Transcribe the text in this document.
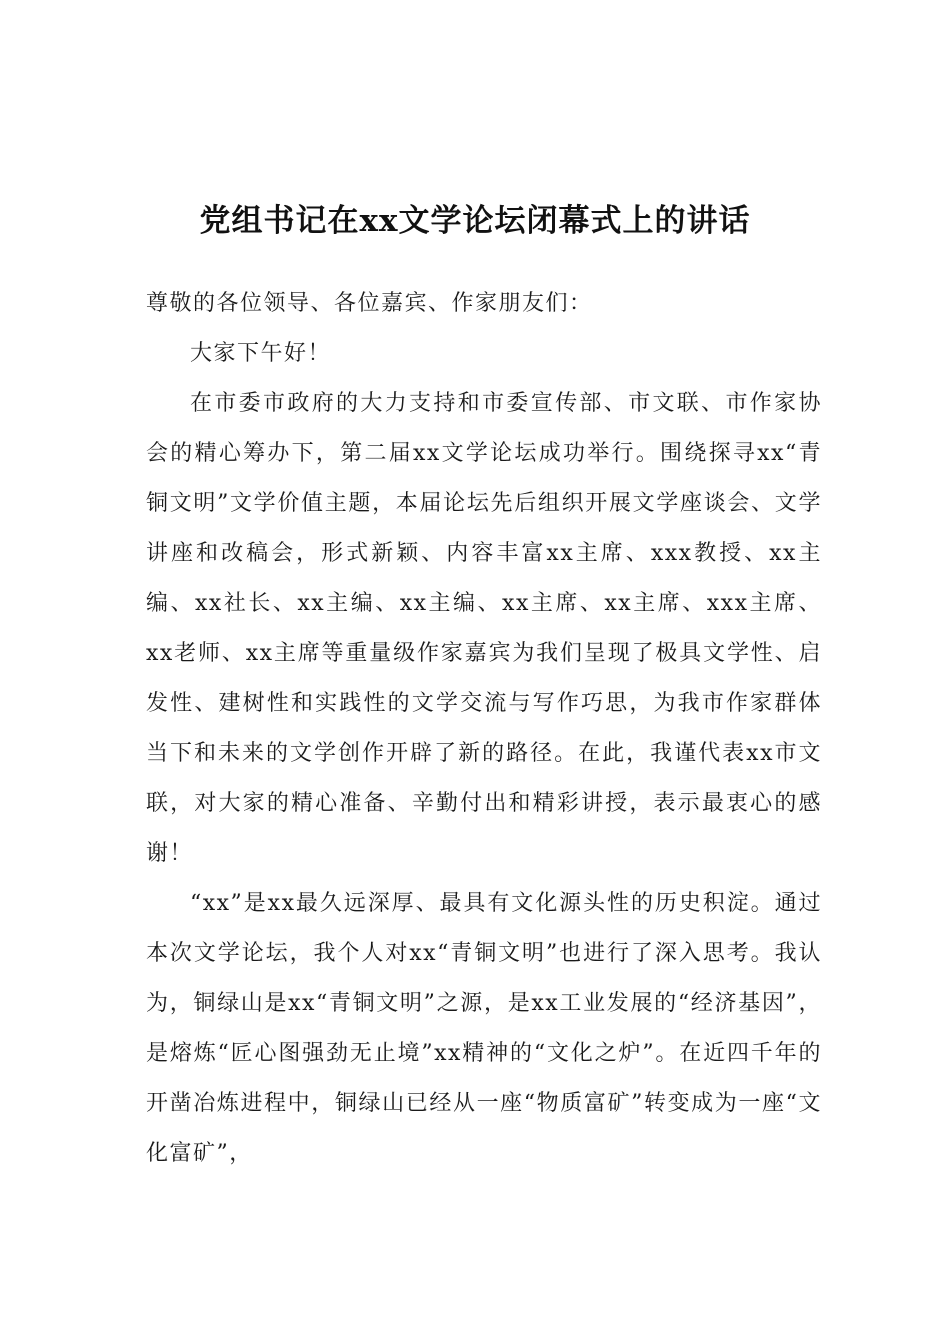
党组书记在xx文学论坛闭幕式上的讲话

尊敬的各位领导、各位嘉宾、作家朋友们：

大家下午好！

在市委市政府的大力支持和市委宣传部、市文联、市作家协会的精心筹办下，第二届xx文学论坛成功举行。围绕探寻xx“青铜文明”文学价值主题，本届论坛先后组织开展文学座谈会、文学讲座和改稿会，形式新颖、内容丰富xx主席、xxx教授、xx主编、xx社长、xx主编、xx主编、xx主席、xx主席、xxx主席、xx老师、xx主席等重量级作家嘉宾为我们呈现了极具文学性、启发性、建树性和实践性的文学交流与写作巧思，为我市作家群体当下和未来的文学创作开辟了新的路径。在此，我谨代表xx市文联，对大家的精心准备、辛勤付出和精彩讲授，表示最衷心的感谢！

“xx”是xx最久远深厚、最具有文化源头性的历史积淀。通过本次文学论坛，我个人对xx“青铜文明”也进行了深入思考。我认为，铜绿山是xx“青铜文明”之源，是xx工业发展的“经济基因”，是熔炼“匠心图强劲无止境”xx精神的“文化之炉”。在近四千年的开凿冶炼进程中，铜绿山已经从一座“物质富矿”转变成为一座“文化富矿”，
